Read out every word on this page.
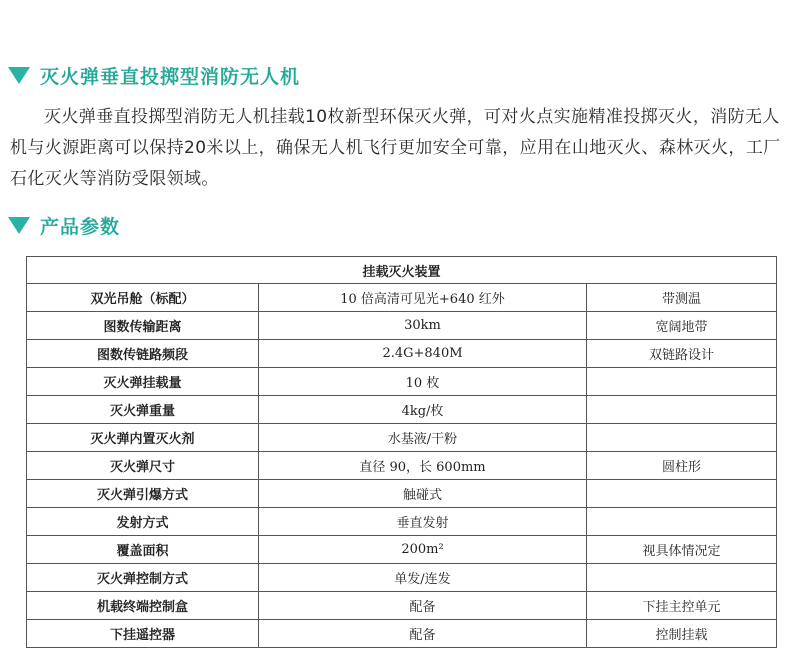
灭火弹垂直投掷型消防无人机

灭火弹垂直投掷型消防无人机挂载10枚新型环保灭火弹，可对火点实施精准投掷灭火，消防无人机与火源距离可以保持20米以上，确保无人机飞行更加安全可靠，应用在山地灭火、森林灭火，工厂石化灭火等消防受限领域。

产品参数
挂载灭火装置		
双光吊舱（标配）	10 倍高清可见光+640 红外	带测温
图数传输距离	30km	宽阔地带
图数传链路频段	2.4G+840M	双链路设计
灭火弹挂载量	10 枚	
灭火弹重量	4kg/枚	
灭火弹内置灭火剂	水基液/干粉	
灭火弹尺寸	直径 90，长 600mm	圆柱形
灭火弹引爆方式	触碰式	
发射方式	垂直发射	
覆盖面积	200m²	视具体情况定
灭火弹控制方式	单发/连发	
机载终端控制盒	配备	下挂主控单元
下挂遥控器	配备	控制挂载
